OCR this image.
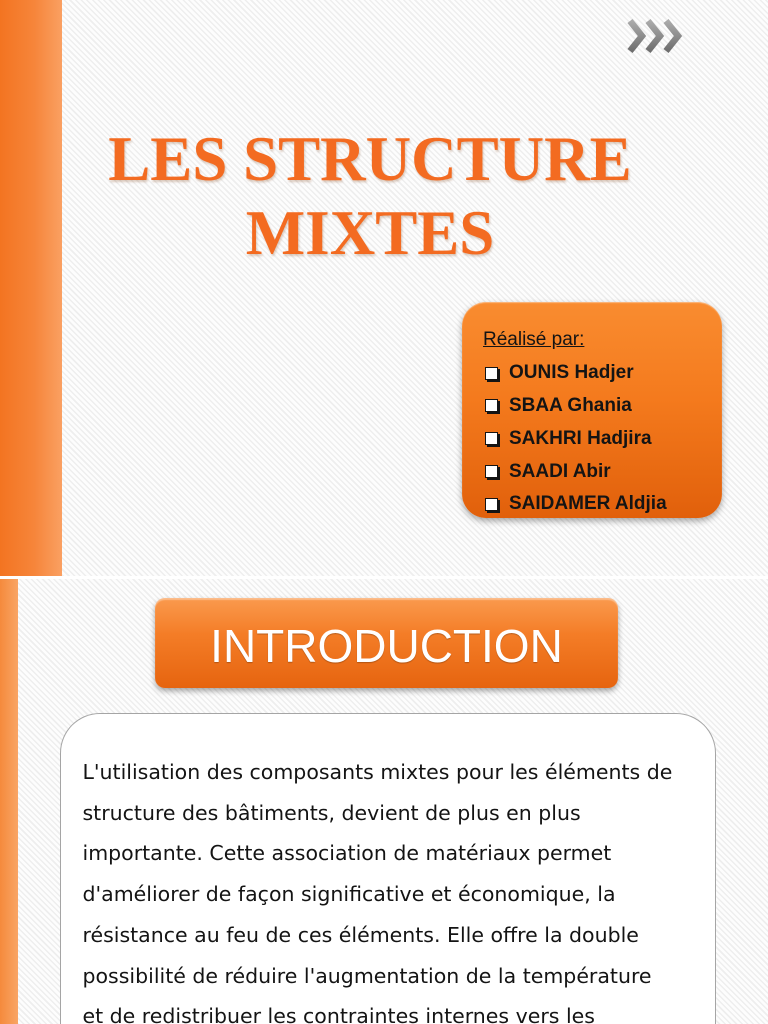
LES STRUCTURE
MIXTES
Réalisé par:
OUNIS Hadjer
SBAA Ghania
SAKHRI Hadjira
SAADI Abir
SAIDAMER Aldjia
INTRODUCTION
L'utilisation des composants mixtes pour les éléments de
structure des bâtiments, devient de plus en plus
importante. Cette association de matériaux permet
d'améliorer de façon significative et économique, la
résistance au feu de ces éléments. Elle offre la double
possibilité de réduire l'augmentation de la température
et de redistribuer les contraintes internes vers les
